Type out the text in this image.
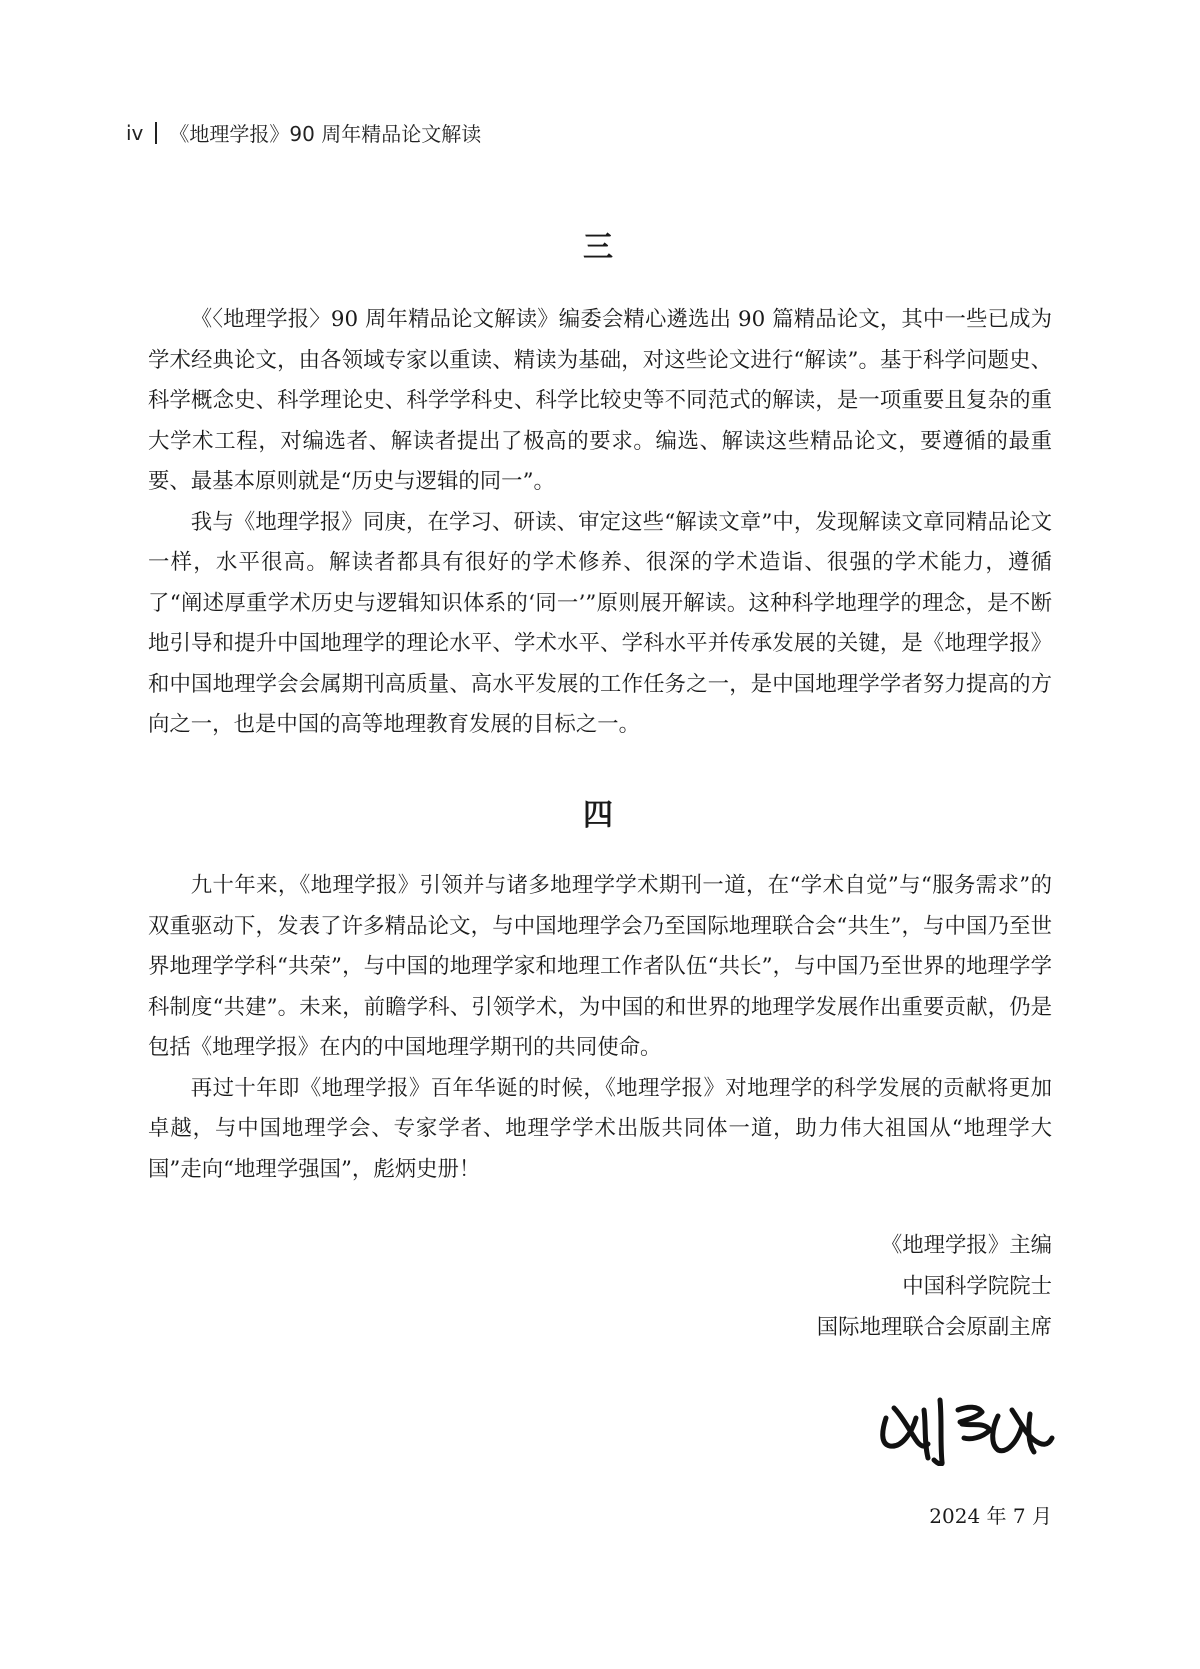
iv 《地理学报》90 周年精品论文解读
三

《〈地理学报〉90 周年精品论文解读》编委会精心遴选出 90 篇精品论文，其中一些已成为学术经典论文，由各领域专家以重读、精读为基础，对这些论文进行“解读”。基于科学问题史、科学概念史、科学理论史、科学学科史、科学比较史等不同范式的解读，是一项重要且复杂的重大学术工程，对编选者、解读者提出了极高的要求。编选、解读这些精品论文，要遵循的最重要、最基本原则就是“历史与逻辑的同一”。

我与《地理学报》同庚，在学习、研读、审定这些“解读文章”中，发现解读文章同精品论文一样，水平很高。解读者都具有很好的学术修养、很深的学术造诣、很强的学术能力，遵循了“阐述厚重学术历史与逻辑知识体系的‘同一’”原则展开解读。这种科学地理学的理念，是不断地引导和提升中国地理学的理论水平、学术水平、学科水平并传承发展的关键，是《地理学报》和中国地理学会会属期刊高质量、高水平发展的工作任务之一，是中国地理学学者努力提高的方向之一，也是中国的高等地理教育发展的目标之一。

四

九十年来，《地理学报》引领并与诸多地理学学术期刊一道，在“学术自觉”与“服务需求”的双重驱动下，发表了许多精品论文，与中国地理学会乃至国际地理联合会“共生”，与中国乃至世界地理学学科“共荣”，与中国的地理学家和地理工作者队伍“共长”，与中国乃至世界的地理学学科制度“共建”。未来，前瞻学科、引领学术，为中国的和世界的地理学发展作出重要贡献，仍是包括《地理学报》在内的中国地理学期刊的共同使命。

再过十年即《地理学报》百年华诞的时候，《地理学报》对地理学的科学发展的贡献将更加卓越，与中国地理学会、专家学者、地理学学术出版共同体一道，助力伟大祖国从“地理学大国”走向“地理学强国”，彪炳史册！

《地理学报》主编
中国科学院院士
国际地理联合会原副主席
2024 年 7 月
